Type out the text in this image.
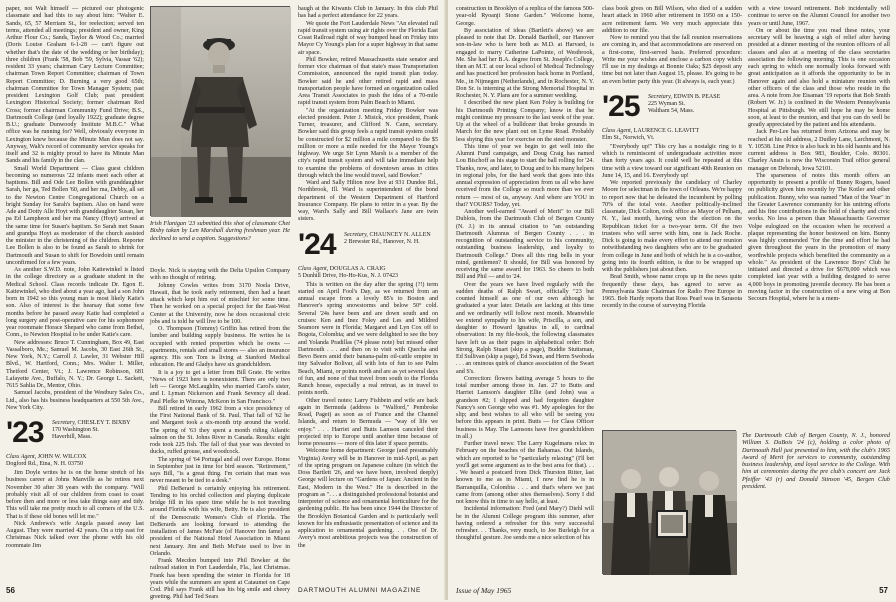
paper, not Walt himself — pictured our photogenic classmate and had this to say about him: "Walter E. Sands, 65, 57 Merriam St., for reelection; served ten terms, attended all meetings; president and owner, King Arthur Flour Co.; Sands, Taylor & Wood Co.; married (Doris Louise Graham 6-1-28 — can't figure out whether that's the date of the wedding or her birthday); three children (Frank '58, Bob '59, Sylvia, Vassar '62); resident 33 years; chairman Cary Lecture Committee; chairman Town Report Committee; chairman of Town Report Committee; D. Burning a very good 65th; chairman Committee for Town Manager System; past president Lexington Golf Club; past president Lexington Historical Society; former chairman Red Cross; former chairman Community Fund Drive; B.S., Dartmouth College (and loyally 1922); graduate degree B.U.; graduate Dunwoody Institute M.B.C." What office was he running for? Well, obviously everyone in Lexington knew because the Minute Man does not say. Anyway, Walt's record of community service speaks for itself and 32 is mighty proud to have its Minute Man Sands and his family in the clan.

Small World Department — Class guest children becoming so numerous '22 infants meet each other at baptisms. Bill and Ode Lee Bollen with granddaughter Sarah, her ga, Ted Bollen '60, and her ma, Debby, all set to the Newton Centre Congregational Church on a bright Sunday for Sarah's baptism. Also on hand were Ade and Dotty Alle Hoyt with granddaughter Susan, her pa Ed Lampheon and her ma Nancy (Hoyt) arrived at the same time for Susan's baptism. So Sarah met Susan and grandpa Hoyt as moderator of the church assisted the minister in the christening of the children. Reporter Lee Bollen is also to be found as Sarah to shrink for Dartmouth and Susan to shift for Bowdoin until remain unconfirmed for a few years.

As another S.W.D. note, John Kattewinkel is listed in the college directory as a graduate student in the Medical School. Class records indicate Dr. Egon E. Kattewinkel, who died about a year ago, had a son John born in 1942 so this young man is most likely Katie's son. Also of interest is the hearsay that some few months before he passed away Katie had completed a long surgery and post-operative care for his sophomore year roommate Horace Shepard who came from Bethel, Conn., to Newton Hospital to be under Katie's care.

New addresses: Bruce T. Cunningham, Box 49, East Vassalboro, Me.; Samuel M. Jacobs, 30 East 26th St., New York, N.Y.; Carroll J. Lawler, 31 Webster Hill Blvd., W. Hartford, Conn.; Mrs. Walter I. Miller, Thetford Center, Vt.; J. Lawrence Robinson, 681 Lafayette Ave., Buffalo, N. Y.; Dr. George L. Sackett, 7615 Sahlia Dr., Mentor, Ohio.

Samuel Jacobs, president of the Westbury Sales Co., Ltd., also has his business headquarters at 550 5th Ave., New York City.

'23 Secretary, CHESLEY T. BIXBY
170 Washington St.
Haverhill, Mass.
Class Agent, JOHN W. WILCOX
Dogford Rd., Etna, N. H. 03750

Jim Doyle writes he is on the home stretch of his business career at Johns Manville as he retires next November 30 after 38 years with the company. "Will probably visit all of our children from coast to coast before then and more or less take things easy and tidy. This will take me pretty much to all corners of the U.S. That is if these old bones will let me."

Nick Andrews's wife Angela passed away last August. They were married 42 years. On a trip east for Christmas Nick talked over the phone with his old roommate Jim

Irish Flanigan '23 submitted this shot of classmate Chet Bixby taken by Len Marshall during freshman year. He declined to send a caption. Suggestions?

Doyle. Nick is staying with the Delta Upsilon Company with no thought of retiring.

Johnny Cowles writes from 3170 Noela Drive, Hawaii, that he took early retirement, then had a heart attack which kept him out of mischief for some time. Then he worked on a special project for the East-West Center at the University, now he does occasional civic jobs and is told he will live to be 100.

O. Thompson (Tommy) Griffin has retired from the lumber and building supply business. He writes he is occupied with rented properties which he owns — apartments, rentals and small stores — also an insurance agency. His son Tom is living at Stanford Medical education. He and Gladys have six grandchildren.

It is a joy to get a letter from Bill Grate. He writes "News of 1923 here is nonexistent. There are only two left — George McLaughlin, who married Carol's sister, and I. Lyman Nickerson and Frank Sevency all dead. Paul Plefke in Winona, McKeon in San Francisco."

Bill retired in early 1962 from a vice presidency of the First National Bank of St. Paul. That fall of '62 he and Margaret took a six-month trip around the world. The spring of '63 they spent a month riding Atlantic salmon on the St. Johns River in Canada. Results: eight rods took 225 fish. The fall of that year was devoted to ducks, ruffed grouse, and woodcock.

The spring of '64 Portugal and all over Europe. Home in September just in time for bird season. "Retirement," says Bill, "is a great thing. I'm certain that man was never meant to be tied to a desk."

Phil DeBerard is certainly enjoying his retirement. Tending to his orchid collection and playing duplicate bridge fill in his spare time while he is not traveling around Florida with his wife, Betty. He is also president of the Democratic Women's Club of Florida. The DeBerards are looking forward to attending the installation of James McFate (of Hanover Inn fame) as president of the National Hotel Association in Miami next January. Jim and Beth McFate used to live in Orlando.

Frank Mecdon bumped into Phil Bowker at the railroad station in Fort Lauderdale, Fla., last Christmas. Frank has been spending the winter in Florida for 18 years while the summers are spent at Cataumet on Cape Cod. Phil says Frank still has his big smile and cheery greeting. Phil had Ted Sears

baugh at the Kiwanis Club in January. In this club Phil has had a perfect attendance for 22 years.

We quote the Fort Lauderdale News "An elevated rail rapid transit system using air rights over the Florida East Coast Railroad right of way bumped head on Friday into Mayor Cy Young's plan for a super highway in that same air space.

Phil Bowker, retired Massachusetts state senator and former vice chairman of that state's mass Transportation Commission, announced the rapid transit plan today. Bowker said he and other retired rapid and mass transportation people have formed an organization called Area Transit Associates to push the idea of a 70-mile rapid transit system from Palm Beach to Miami.

"At the organization meeting Friday Bowker was elected president. Peter J. Misick, vice president, Frank Turner, treasurer, and Clifford N. Cann, secretary. Bowker said this group feels a rapid transit system could be constructed for $2 million a mile compared to the $5 million or more a mile needed for the Mayor Young's highway. We urge Sir Lynn Marsh is a member of the city's rapid transit system and will take immediate help to examine the problems of downtown areas in cities through which the line would travel, said Bowker."

Ward and Sally Hilton now live at 931 Dundee Rd., Northbrook, Ill. Ward is superintendent of the bond department of the Western Department of Hartford Insurance Company. He plans to retire in a year. By the way, Ward's Sally and Bill Wallace's Jane are twin sisters.

'24 Secretary, CHAUNCEY N. ALLEN
2 Brewster Rd., Hanover, N. H.
Class Agent, DOUGLAS A. CRAIG
5 Dunhill Drive, Ho-Ho-Kus, N. J. 07423

This is written on the day after the spring (?!) term started on April Fool's Day, as we returned from an annual escape from a lovely 85's to Boston and Hanover's spring snowstorms and below 50° cold. Several '24s have been and are down south and on cruises: Ken and Inez Foley and Les and Mildred Seamore were in Florida; Margaret and Lyn Cox off to Bogota, Colombia; and we were delighted to see the boy and Yolanda Pradillas (74 please note) but missed other Dartmouth . . . and then on to visit with Quecha and Bevo Beers amid their banana-palm oil-cattle empire in tiny Salvador Bolivar, all with lots of fun to see Palm Beach, Miami, or points north and are as yet several days of fun, and none of that travel from south to the Florida Ranch house, especially a real retreat, as in travel to points north.

Other travel notes: Larry Fishbein and wife are back again in Bermuda (address is "Walford," Pembroke Road, Paget) as soon as of France and the Channel Islands, and return to Bermuda — "way of life we enjoy." . . . Harriet and Butts Lamson canceled their projected trip to Europe until another time because of home pressures — more of this later if space permits.

Welcome home department: George (and presumably Virginia) Avery will be in Hanover in mid-April, as part of the spring program on Japanese culture (in which the Doss Bartlett '26, and we have been, involved deeply) George will lecture on "Gardens of Japan: Ancient in the East, Modern in the West." He is described in the program as ". . . a distinguished professional botanist and interpreter of science and ornamental horticulture for the gardening public. He has been since 1944 the Director of the Brooklyn Botanical Garden and is particularly well known for his enthusiastic presentation of science and its application to ornamental gardening. . . One of Dr. Avery's most ambitious projects was the construction of the

56	DARTMOUTH ALUMNI MAGAZINE

construction in Brooklyn of a replica of the famous 500-year-old Ryoanji Stone Garden." Welcome home, George.

By association of ideas (Bartlett's above) we are pleased to note that Dr. Donald Barthell, our Hanover son-in-law who is here both as M.D. at Harvard, is engaged to marry Catherine LaPointe, of Westbrook, Me. She had her B.A. degree from St. Joseph's College, then an M.T. at our local school of Medical Technology and has practiced her profession back home in Portland, Me., in Nijmegen (Netherlands), and in Rochester, N. Y. Don Sr. is interning at the Strong Memorial Hospital in Rochester, N. Y. Plans are for a summer wedding.

I described the new plant Ken Foley is building for his Dartmouth Printing Company; know in that he might continue my pressure to the last week of the year. Up at the wheel of a bulldozer that broke grounds in March for the new plant out on Lyme Road. Probably less shying this year for exercise on the steel monster.

This time of year we begin to get well into the Alumni Fund campaign, and Doug Craig has named Lou Bischoff as his stage to start the ball rolling for '24. Thanks, now, and later, to Doug and to his many helpers in regional jobs, for the hard work that goes into this annual expression of appreciation from us all who have received from the College so much more than we ever return — most of us, anyway. And where are YOU in that? YOURS? Today, yet.

Another well-earned "Award of Merit" to our Bill Dublois, from the Dartmouth Club of Bergen County (N. J.) in its annual citation to "an outstanding Dartmouth Alumnus of Bergen County . . . in recognition of outstanding service to his community, outstanding business leadership, and loyalty to Dartmouth College." Does all this ring bells in your mind, gentlemen? It should, for Bill was honored by receiving the same award for 1963. So cheers to both Bill and Phil — and to '24.

Over the years we have lived regularly with the sudden deaths of Ralph Swart, officially "23 but counted himself as one of our own although he graduated a year later. Details are lacking at this time and we ordinarily will follow next month. Meanwhile we extend sympathy to his wife, Priscilla, a son, and daughter to Howard Ignatius in all, to cardinal observation: In my file-book, the following classmates have left us as their pages in alphabetical order: Bob Strong, Ralph Stuart (skip a page), Buddie Stuttsman, Ed Sullivan (skip a page), Ed Swan, and Herm Swoboda . . . an ominous quirk of chance association of the Swart and S's.

Correction: flowers batting average 5 hours to the total number among those in. Jan. 27 to Butts and Harriet Lamson's daughter Ellie (and John) was a grandson #2; I slipped and had forgotten daughter Nancy's son George who was #1. My apologies for the slip; and best wishes to all who will be seeing you before this appears in print. Butts — for Class Officer business is May. The Lamsons have five grandchildren in all.)

Further travel news: The Larry Kugelmans relax in February on the beaches of the Bahamas. Out Islands, which are reported to be "particularly relaxing" (I'll bet you'll get some argument as to the best area for that). . . . We heard a postcard from Dick Thurston Ritter, last known to me as in Miami, I now find he is in Barranquilla, Colombia . . . and that's where we just came from (among other sites themselves). Sorry I did not know this in time to say hello, at least.

Incidental information: Fred (and Mary?) Diehl will be in the Alumni College program this summer, after having ordered a refresher for this very successful refresher. . . Thanks, very much, to Joe Burleigh for a thoughtful gesture. Joe sends me a nice selection of his

class book gives on Bill Wilson, who died of a sudden heart attack in 1960 after retirement in 1950 on a 150-acre retirement farm. We very much appreciate this addition to our file.

Now to remind you that the fall reunion reservations are coming in, and that accommodations are reserved on a first-come, first-served basis. Preferred procedure: Write me your wishes and enclose a carbon copy which I'll use in my dealings at Bonnie Oaks; $25 deposit any time but not later than August 15, please. It's going to be an even better party this year. (It always is, each year.)

'25 Secretary, EDWIN B. PEASE
225 Wyman St.
Waltham 54, Mass.
Class Agent, LAURENCE G. LEAVITT
Elm St., Norwich, Vt.

"Everybody up!" This cry has a nostalgic ring to it which is reminiscent of undergraduate activities more than forty years ago. It could well be repeated at this time with a view toward our significant 40th Reunion on June 14, 15, and 16. Everybody up!

We reported previously the candidacy of Charley Moore for selectman in the town of Orleans. We're happy to report now that he defeated the incumbent by polling 70% of the total vote. Another politically-inclined classmate, Dick Colton, took office as Mayor of Pelham, N. Y., last month, having won the election on the Republican ticket for a two-year term. Of the two trustees who will serve with him, one is Jack Roche. Dick is going to make every effort to attend our reunion notwithstanding two daughters who are to be graduated from college in June and both of which he is a co-author, going into its fourth edition, is due to be wrapped up with the publishers just about then.

Brad Smith, whose name crops up in the news quite frequently these days, has agreed to serve as Pennsylvania State Chairman for Radio Free Europe in 1965. Bob Hardy reports that Ross Pearl was in Sarasota recently in the course of surveying Florida

with a view toward retirement. Bob incidentally will continue to serve on the Alumni Council for another two years or until June, 1967.

On or about the time you read these notes, your secretary will be heaving a sigh of relief after having presided at a dinner meeting of the reunion officers of all classes and also at a meeting of the class secretaries association the following morning. This is one occasion each spring to which one normally looks forward with great anticipation as it affords the opportunity to be in Hanover again and also hold a miniature reunion with other officers of the class and those who reside in the area. A note from Joe Eisaman '19 reports that Bob Smith (Robert W. Jr.) is confined in the Western Pennsylvania Hospital at Pittsburgh. We still hope he may be home soon, at least to the reunion, and that you can do well be greatly appreciated by the patient and his attendants.

Jack Per-Lee has returned from Arizona and may be reached at his old address, 2 Dudley Lane, Larchmont, N. Y. 10538. Line Price is also back in his old haunts and his current address is Box 983, Boulder, Colo. 80301. Charley Ansin is now the Wisconsin Trail office general manager on Deborah, Iowa 52101.

The sparseness of notes this month offers an opportunity to present a profile of Bunny Rogers, based on publicity given him recently by The Kotler and other publication. Bunny, who was named "Man of the Year" in the Greater Lawrence community for his untiring efforts and his fine contributions in the field of charity and civic works. No less a person than Massachusetts Governor Volpe eulogized on the occasion when he received a plaque representing the honor bestowed on him. Bunny was highly commended "for the time and effort he had given throughout the years in the promotion of many worthwhile projects which benefited the community as a whole." As president of the Lawrence Boys' Club he initiated and directed a drive for $678,000 which was completed last year with a building designed to serve 4,000 boys in promoting juvenile decency. He has been a moving factor in the construction of a new wing at Bon Secours Hospital, where he is a mem-

The Dartmouth Club of Bergen County, N. J., honored William S. DuBois '24 (c), holding a color photo of Dartmouth Hall just presented to him, with the club's 1965 Award of Merit for services to community, outstanding business leadership, and loyal service to the College. With him at ceremonies during the pre club's concert are Jack Pfeiffer '43 (r) and Donald Stinson '45, Bergen Club president.
Issue of May 1965	57
